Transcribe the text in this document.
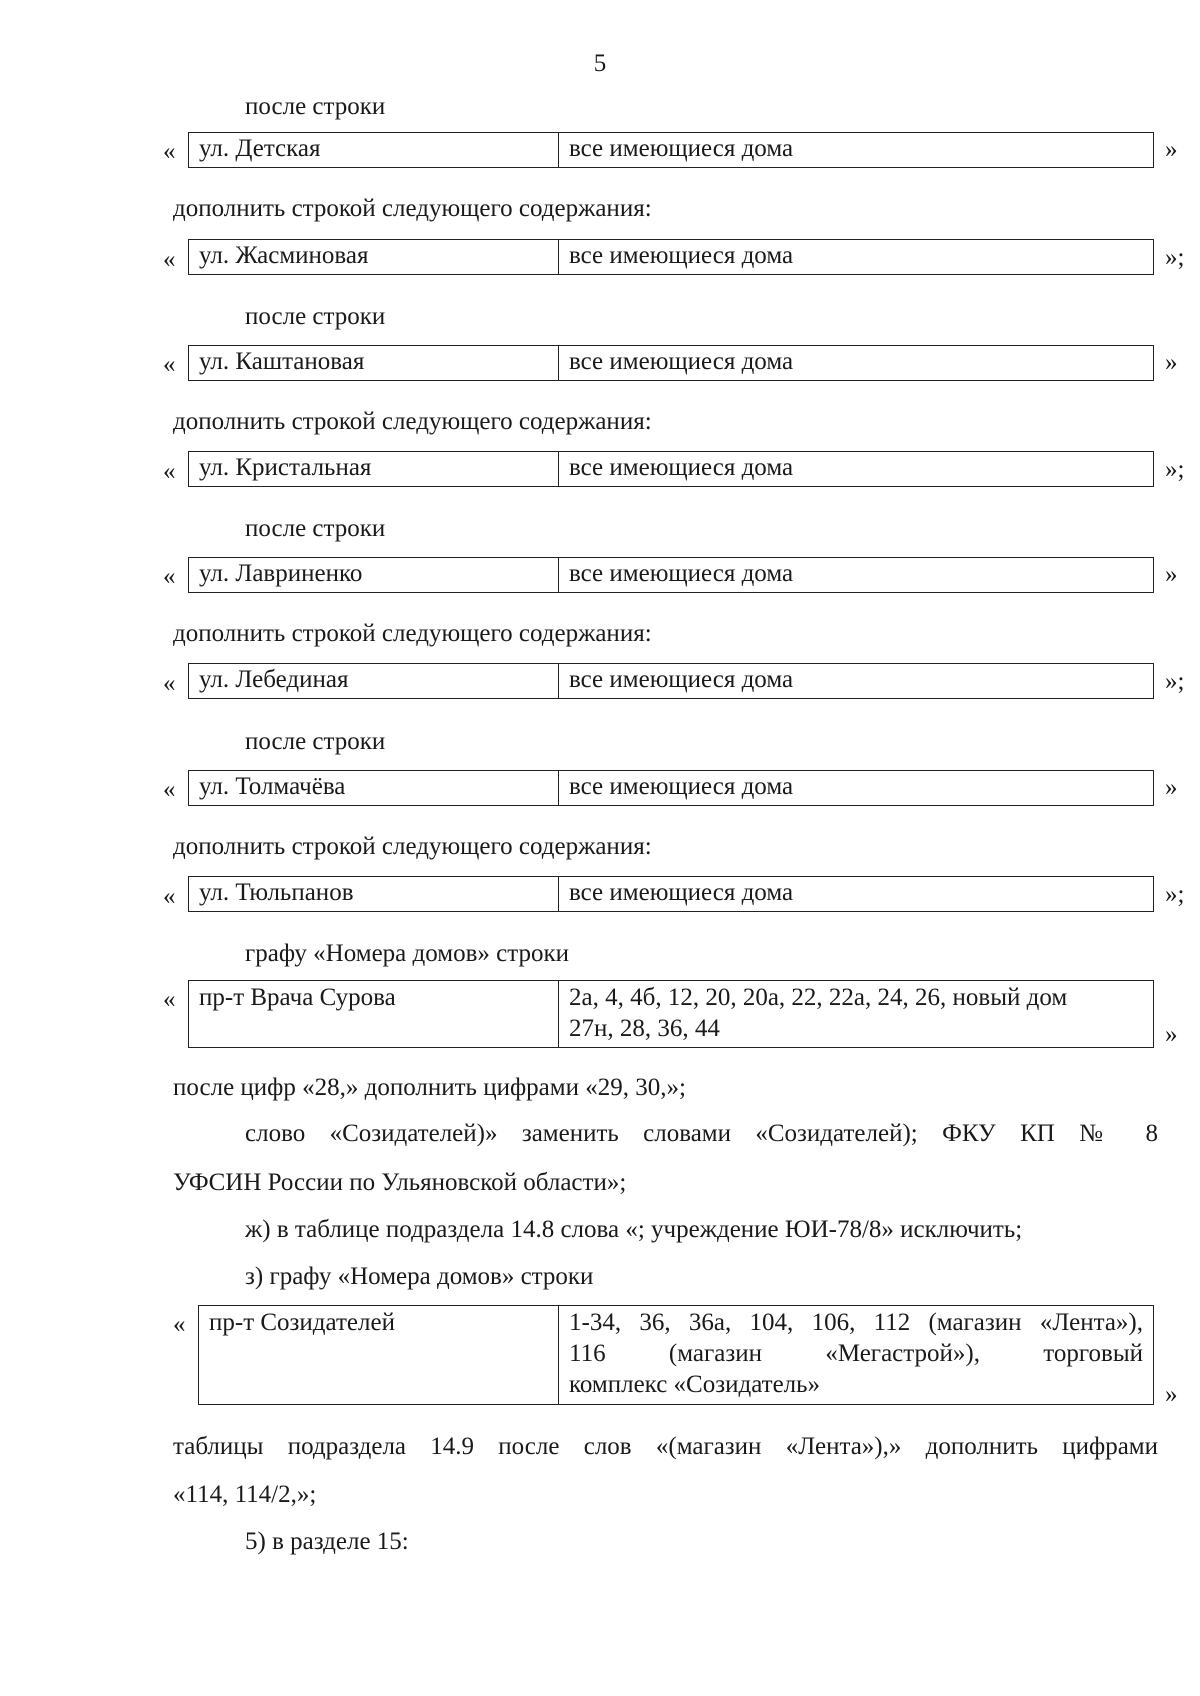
5
после строки
« ул. Детская	все имеющиеся дома	»
дополнить строкой следующего содержания:
« ул. Жасминовая	все имеющиеся дома	»;
после строки
« ул. Каштановая	все имеющиеся дома	»
дополнить строкой следующего содержания:
« ул. Кристальная	все имеющиеся дома	»;
после строки
« ул. Лавриненко	все имеющиеся дома	»
дополнить строкой следующего содержания:
« ул. Лебединая	все имеющиеся дома	»;
после строки
« ул. Толмачёва	все имеющиеся дома	»
дополнить строкой следующего содержания:
« ул. Тюльпанов	все имеющиеся дома	»;
графу «Номера домов» строки
« пр-т Врача Сурова	2а, 4, 4б, 12, 20, 20а, 22, 22а, 24, 26, новый дом
27н, 28, 36, 44	»
после цифр «28,» дополнить цифрами «29, 30,»;
слово «Созидателей)» заменить словами «Созидателей); ФКУ КП № 8
УФСИН России по Ульяновской области»;
ж) в таблице подраздела 14.8 слова «; учреждение ЮИ-78/8» исключить;
з) графу «Номера домов» строки
« пр-т Созидателей	1-34, 36, 36а, 104, 106, 112 (магазин «Лента»),
116 (магазин «Мегастрой»), торговый
комплекс «Созидатель»	»
таблицы подраздела 14.9 после слов «(магазин «Лента»),» дополнить цифрами
«114, 114/2,»;
5) в разделе 15:
